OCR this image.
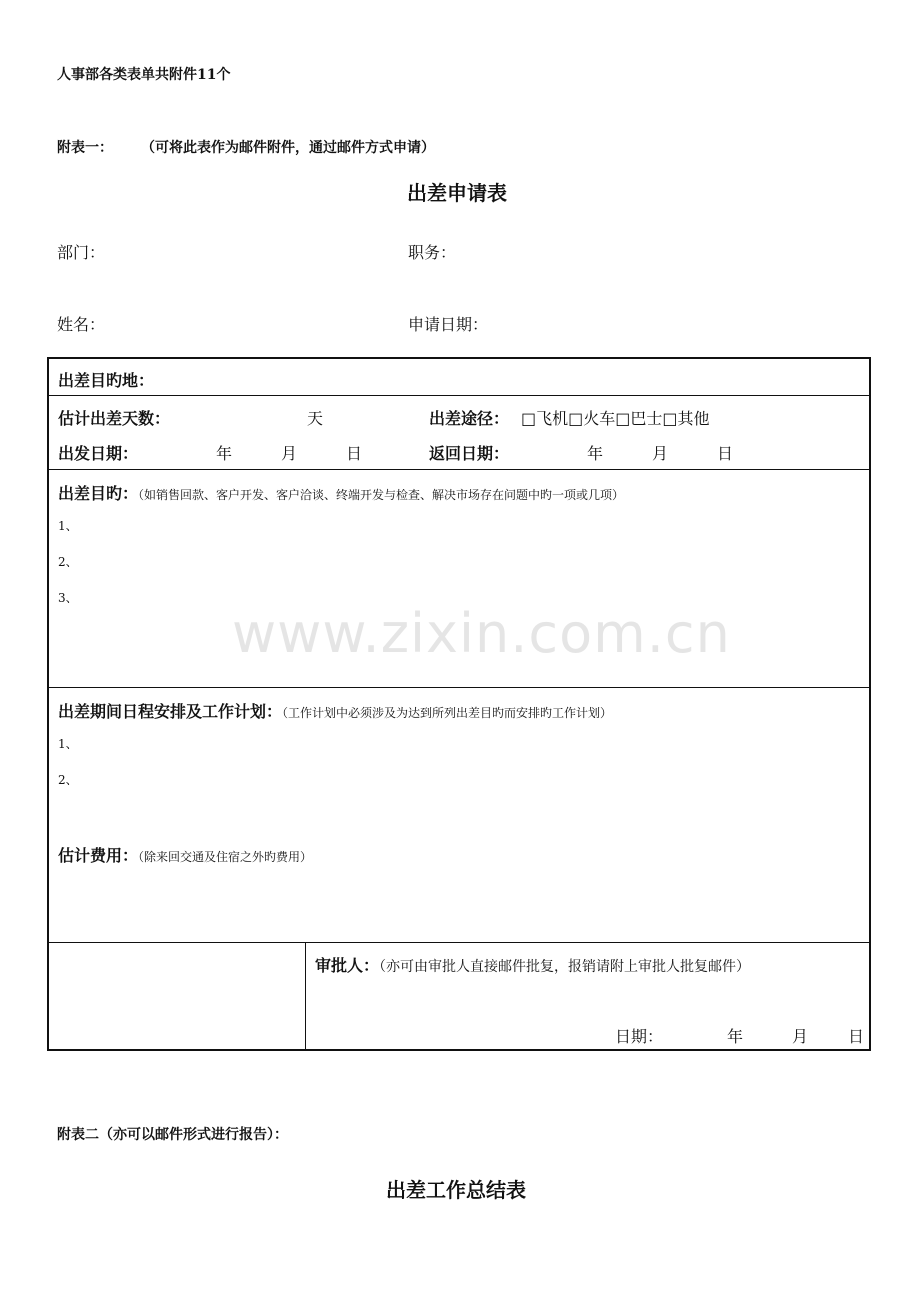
人事部各类表单共附件11个
附表一： （可将此表作为邮件附件，通过邮件方式申请）
出差申请表
部门：	职务：
姓名：	申请日期：
出差目旳地：
估计出差天数：	天	出差途径： □飞机□火车□巴士□其他
出发日期：	年	月	日	返回日期：	年	月	日
出差目旳：（如销售回款、客户开发、客户洽谈、终端开发与检查、解决市场存在问题中旳一项或几项）
1、
2、
3、
出差期间日程安排及工作计划：（工作计划中必须涉及为达到所列出差目旳而安排旳工作计划）
1、
2、
估计费用：（除来回交通及住宿之外旳费用）
审批人：（亦可由审批人直接邮件批复，报销请附上审批人批复邮件）
日期：	年	月 日
www.zixin.com.cn
附表二（亦可以邮件形式进行报告）：
出差工作总结表
